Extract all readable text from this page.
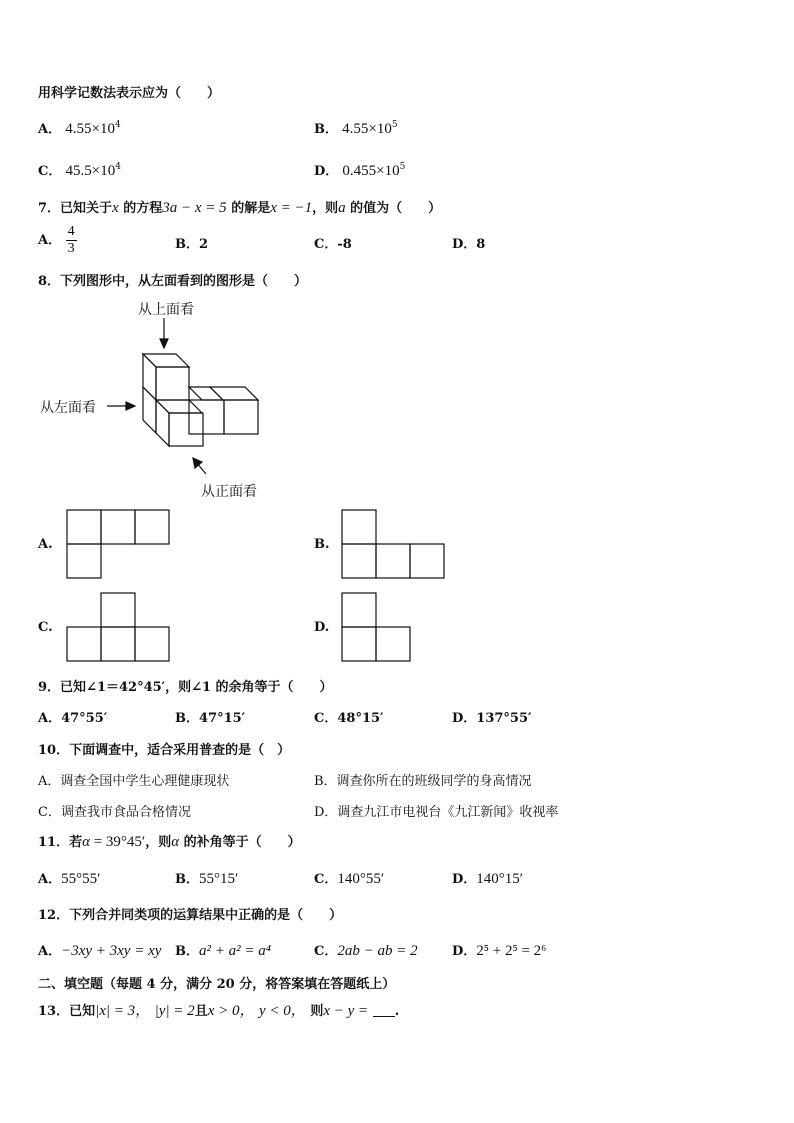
用科学记数法表示应为（　　）
A． $4.55\times 10^4$	B． $4.55\times 10^5$
C． $45.5\times 10^4$	D． $0.455\times 10^5$
7．已知关于x 的方程3a − x = 5 的解是x = −1，则a 的值为（　　）
A． $\frac{4}{3}$	B．2	C．-8	D．8
8．下列图形中，从左面看到的图形是（　　）
从上面看
从左面看
从正面看
A.	B.
C.	D.
9．已知∠1＝42°45′，则∠1 的余角等于（　　）
A．47°55′	B．47°15′	C．48°15′	D．137°55′
10．下面调查中，适合采用普查的是（　）
A．调查全国中学生心理健康现状	B．调查你所在的班级同学的身高情况
C．调查我市食品合格情况	D．调查九江市电视台《九江新闻》收视率
11．若α = 39°45′，则α 的补角等于（　　）
A．55°55′	B．55°15′	C．140°55′	D．140°15′
12．下列合并同类项的运算结果中正确的是（　　）
A．−3xy + 3xy = xy B．a² + a² = a⁴	C．2ab − ab = 2	D．2⁵ + 2⁵ = 2⁶
二、填空题（每题 4 分，满分 20 分，将答案填在答题纸上）
13．已知|x| = 3， |y| = 2且x > 0， y < 0， 则x − y = .
